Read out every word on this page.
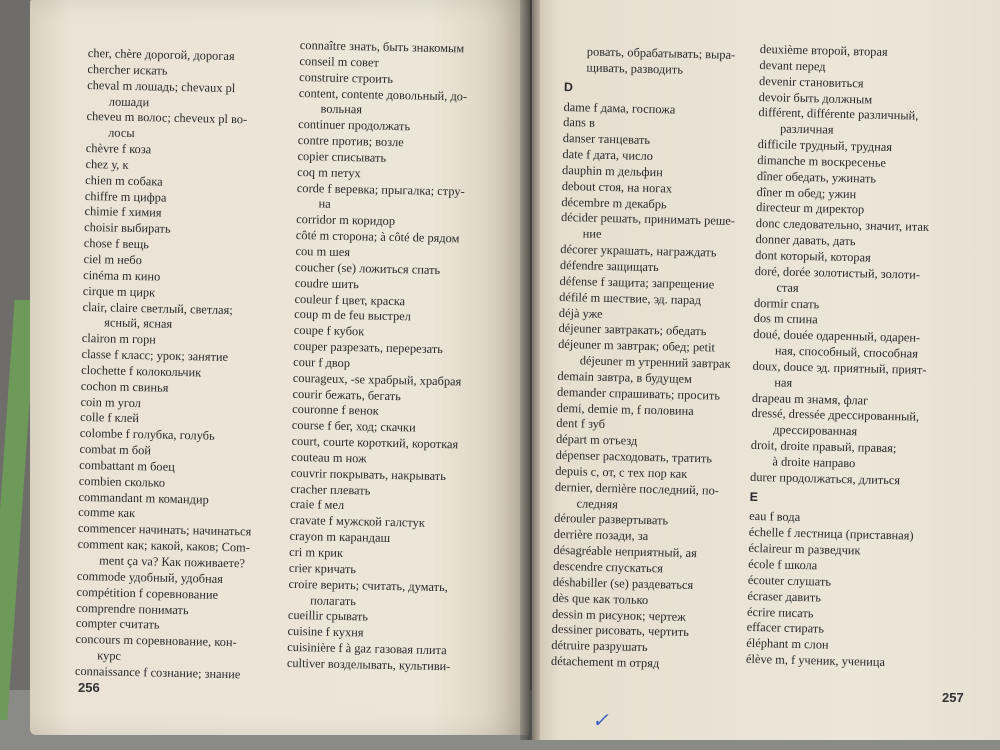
cher, chère дорогой, дорогая
chercher искать
cheval m лошадь; chevaux pl
лошади
cheveu m волос; cheveux pl во-
лосы
chèvre f коза
chez у, к
chien m собака
chiffre m цифра
chimie f химия
choisir выбирать
chose f вещь
ciel m небо
cinéma m кино
cirque m цирк
clair, claire светлый, светлая;
ясный, ясная
clairon m горн
classe f класс; урок; занятие
clochette f колокольчик
cochon m свинья
coin m угол
colle f клей
colombe f голубка, голубь
combat m бой
combattant m боец
combien сколько
commandant m командир
comme как
commencer начинать; начинаться
comment как; какой, каков; Com-
ment ça va? Как поживаете?
commode удобный, удобная
compétition f соревнование
comprendre понимать
compter считать
concours m соревнование, кон-
курс
connaissance f сознание; знание
connaître знать, быть знакомым
conseil m совет
construire строить
content, contente довольный, до-
вольная
continuer продолжать
contre против; возле
copier списывать
coq m петух
corde f веревка; прыгалка; стру-
на
corridor m коридор
côté m сторона; à côté de рядом
cou m шея
coucher (se) ложиться спать
coudre шить
couleur f цвет, краска
coup m de feu выстрел
coupe f кубок
couper разрезать, перерезать
cour f двор
courageux, -se храбрый, храбрая
courir бежать, бегать
couronne f венок
course f бег, ход; скачки
court, courte короткий, короткая
couteau m нож
couvrir покрывать, накрывать
cracher плевать
craie f мел
cravate f мужской галстук
crayon m карандаш
cri m крик
crier кричать
croire верить; считать, думать,
полагать
cueillir срывать
cuisine f кухня
cuisinière f à gaz газовая плита
cultiver возделывать, культиви-
ровать, обрабатывать; выра-
щивать, разводить
D
dame f дама, госпожа
dans в
danser танцевать
date f дата, число
dauphin m дельфин
debout стоя, на ногах
décembre m декабрь
décider решать, принимать реше-
ние
décorer украшать, награждать
défendre защищать
défense f защита; запрещение
défilé m шествие, эд. парад
déjà уже
déjeuner завтракать; обедать
déjeuner m завтрак; обед; petit
déjeuner m утренний завтрак
demain завтра, в будущем
demander спрашивать; просить
demi, demie m, f половина
dent f зуб
départ m отъезд
dépenser расходовать, тратить
depuis с, от, с тех пор как
dernier, dernière последний, по-
следняя
dérouler развертывать
derrière позади, за
désagréable неприятный, ая
descendre спускаться
déshabiller (se) раздеваться
dès que как только
dessin m рисунок; чертеж
dessiner рисовать, чертить
détruire разрушать
détachement m отряд
deuxième второй, вторая
devant перед
devenir становиться
devoir быть должным
différent, différente различный,
различная
difficile трудный, трудная
dimanche m воскресенье
dîner обедать, ужинать
dîner m обед; ужин
directeur m директор
donc следовательно, значит, итак
donner давать, дать
dont который, которая
doré, dorée золотистый, золоти-
стая
dormir спать
dos m спина
doué, douée одаренный, одарен-
ная, способный, способная
doux, douce эд. приятный, прият-
ная
drapeau m знамя, флаг
dressé, dressée дрессированный,
дрессированная
droit, droite правый, правая;
à droite направо
durer продолжаться, длиться
E
eau f вода
échelle f лестница (приставная)
éclaireur m разведчик
école f школа
écouter слушать
écraser давить
écrire писать
effacer стирать
éléphant m слон
élève m, f ученик, ученица
256
257
✓
